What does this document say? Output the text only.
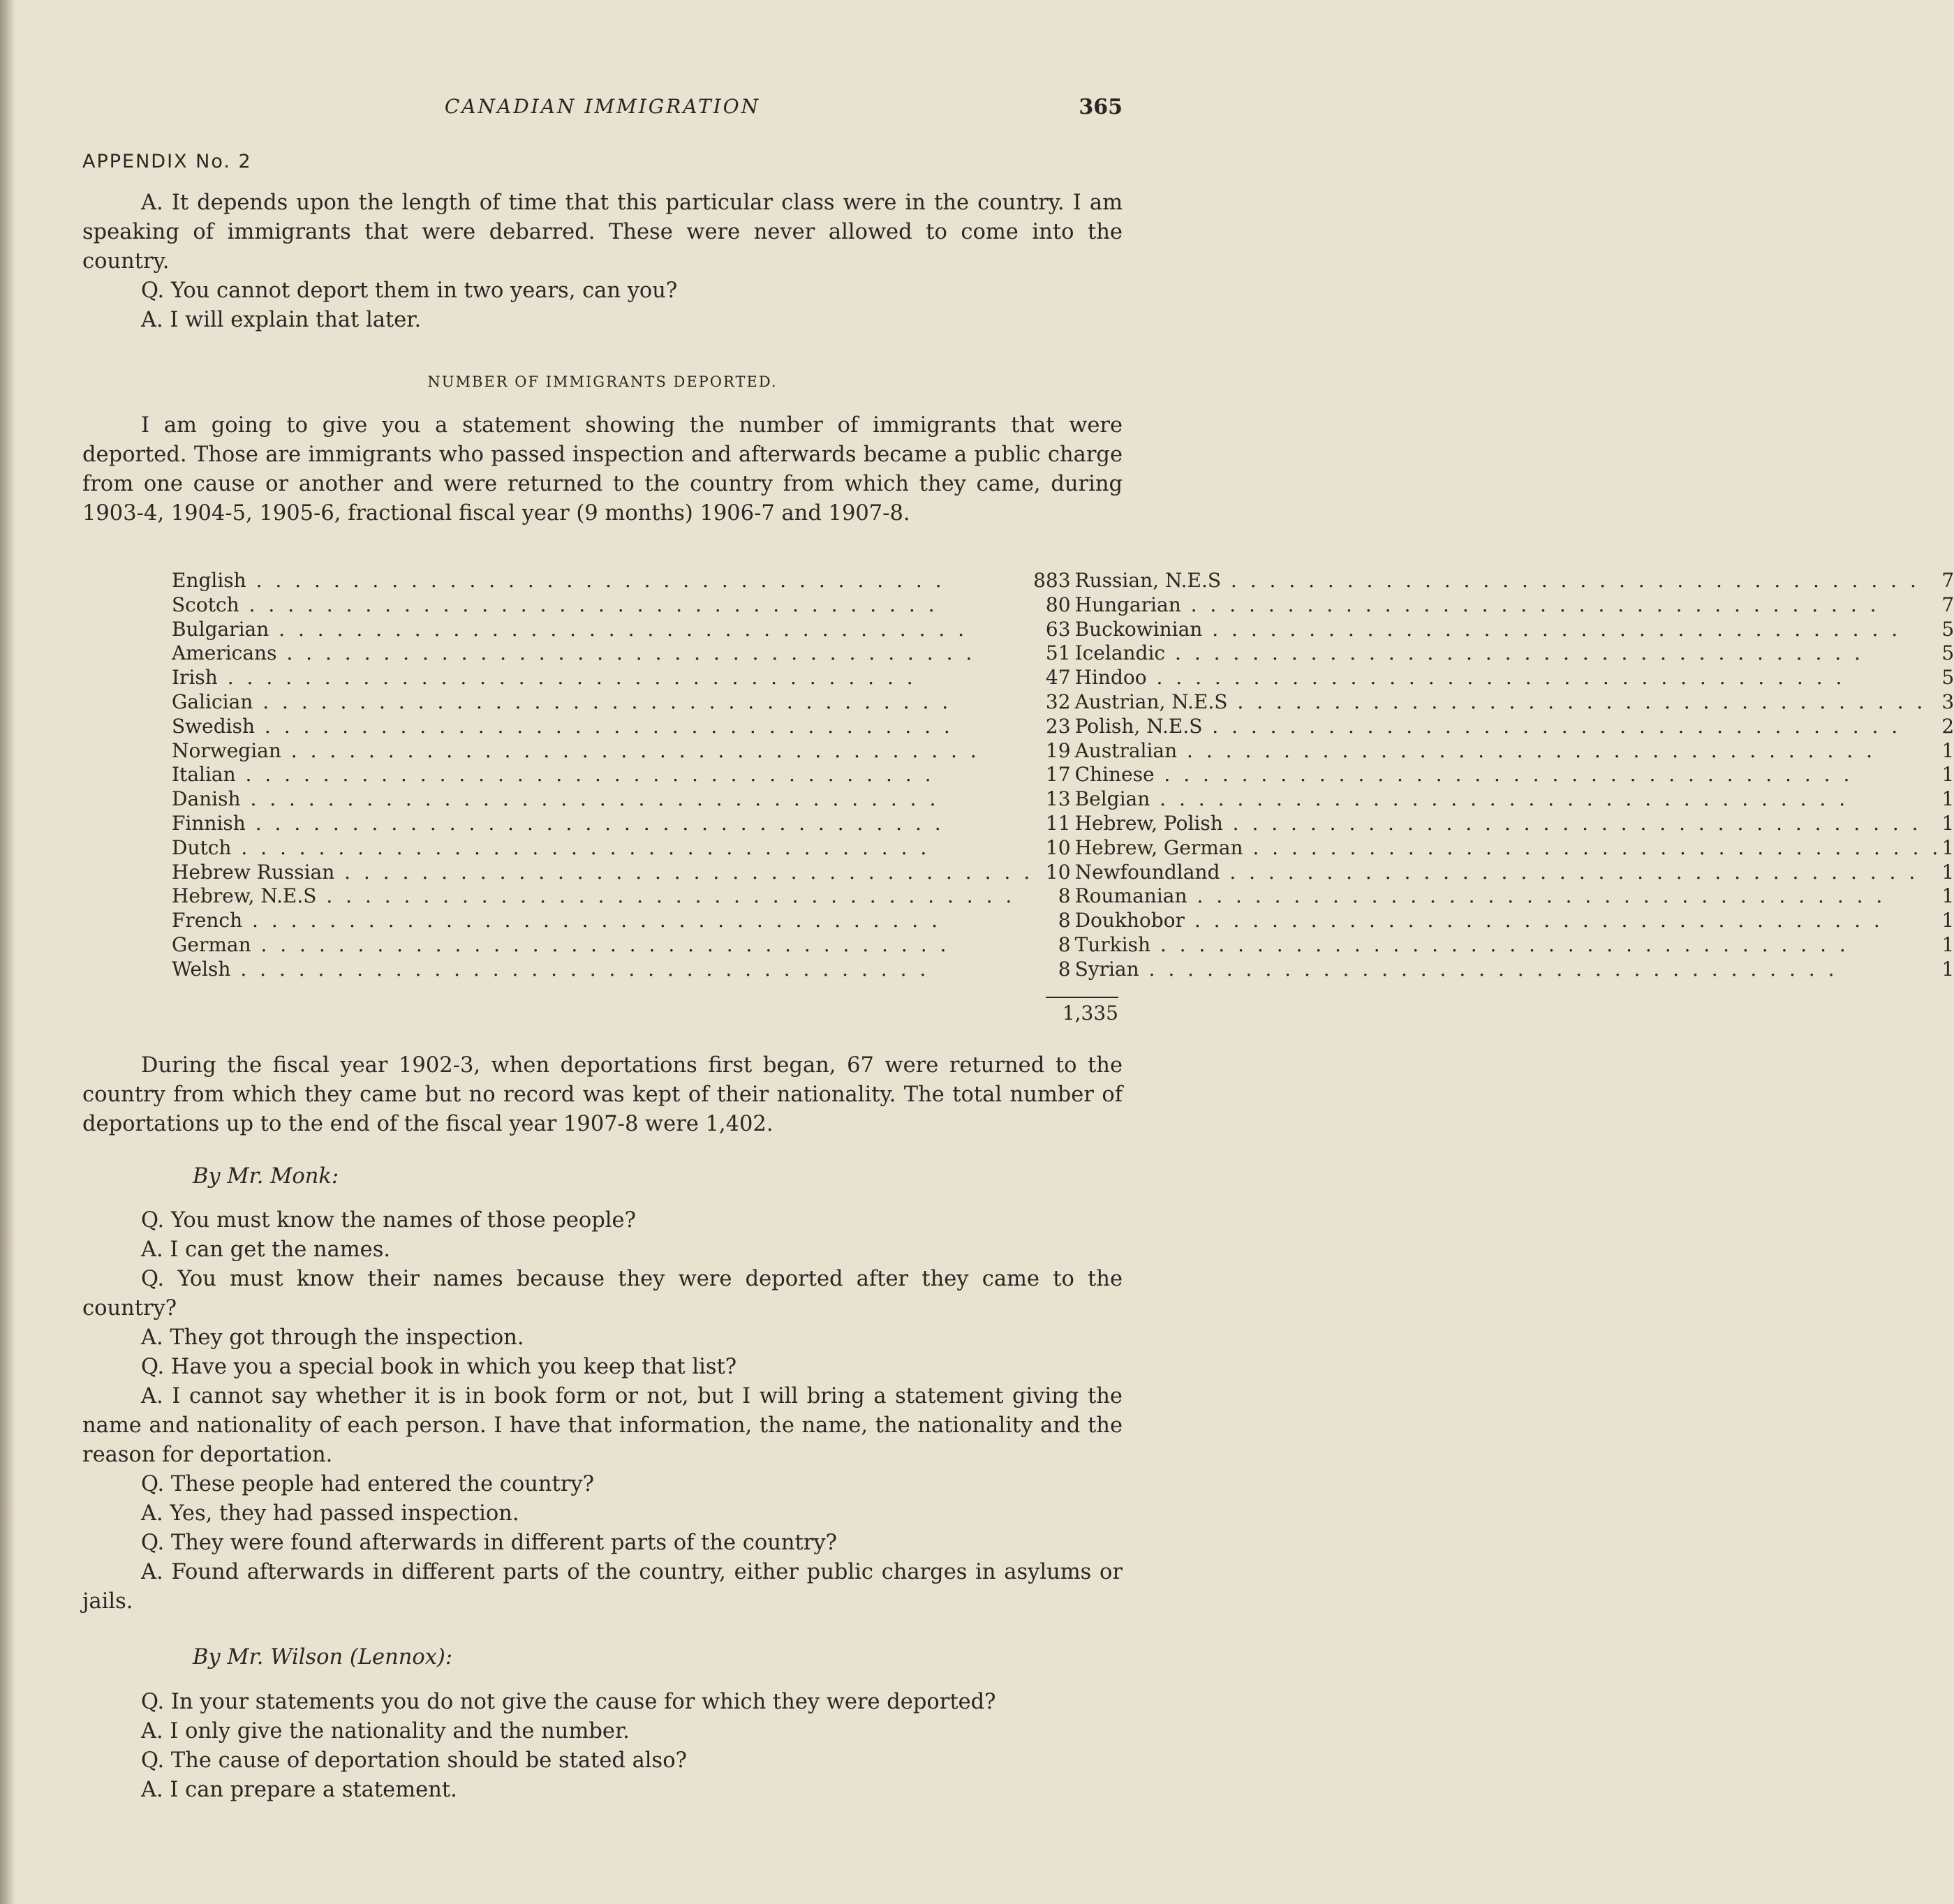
CANADIAN IMMIGRATION	365
APPENDIX No. 2

A. It depends upon the length of time that this particular class were in the country. I am speaking of immigrants that were debarred. These were never allowed to come into the country.

Q. You cannot deport them in two years, can you?

A. I will explain that later.

NUMBER OF IMMIGRANTS DEPORTED.

I am going to give you a statement showing the number of immigrants that were deported. Those are immigrants who passed inspection and afterwards became a public charge from one cause or another and were returned to the country from which they came, during 1903-4, 1904-5, 1905-6, fractional fiscal year (9 months) 1906-7 and 1907-8.

English . . . . . . . . . . . . . . . . . . . . . . . . . . . . . . . . . . . .	883		Russian, N.E.S . . . . . . . . . . . . . . . . . . . . . . . . . . . . . . . . . . . .	7
Scotch . . . . . . . . . . . . . . . . . . . . . . . . . . . . . . . . . . . .	80		Hungarian . . . . . . . . . . . . . . . . . . . . . . . . . . . . . . . . . . . .	7
Bulgarian . . . . . . . . . . . . . . . . . . . . . . . . . . . . . . . . . . . .	63		Buckowinian . . . . . . . . . . . . . . . . . . . . . . . . . . . . . . . . . . . .	5
Americans . . . . . . . . . . . . . . . . . . . . . . . . . . . . . . . . . . . .	51		Icelandic . . . . . . . . . . . . . . . . . . . . . . . . . . . . . . . . . . . .	5
Irish . . . . . . . . . . . . . . . . . . . . . . . . . . . . . . . . . . . .	47		Hindoo . . . . . . . . . . . . . . . . . . . . . . . . . . . . . . . . . . . .	5
Galician . . . . . . . . . . . . . . . . . . . . . . . . . . . . . . . . . . . .	32		Austrian, N.E.S . . . . . . . . . . . . . . . . . . . . . . . . . . . . . . . . . . . .	3
Swedish . . . . . . . . . . . . . . . . . . . . . . . . . . . . . . . . . . . .	23		Polish, N.E.S . . . . . . . . . . . . . . . . . . . . . . . . . . . . . . . . . . . .	2
Norwegian . . . . . . . . . . . . . . . . . . . . . . . . . . . . . . . . . . . .	19		Australian . . . . . . . . . . . . . . . . . . . . . . . . . . . . . . . . . . . .	1
Italian . . . . . . . . . . . . . . . . . . . . . . . . . . . . . . . . . . . .	17		Chinese . . . . . . . . . . . . . . . . . . . . . . . . . . . . . . . . . . . .	1
Danish . . . . . . . . . . . . . . . . . . . . . . . . . . . . . . . . . . . .	13		Belgian . . . . . . . . . . . . . . . . . . . . . . . . . . . . . . . . . . . .	1
Finnish . . . . . . . . . . . . . . . . . . . . . . . . . . . . . . . . . . . .	11		Hebrew, Polish . . . . . . . . . . . . . . . . . . . . . . . . . . . . . . . . . . . .	1
Dutch . . . . . . . . . . . . . . . . . . . . . . . . . . . . . . . . . . . .	10		Hebrew, German . . . . . . . . . . . . . . . . . . . . . . . . . . . . . . . . . . . .	1
Hebrew Russian . . . . . . . . . . . . . . . . . . . . . . . . . . . . . . . . . . . .	10		Newfoundland . . . . . . . . . . . . . . . . . . . . . . . . . . . . . . . . . . . .	1
Hebrew, N.E.S . . . . . . . . . . . . . . . . . . . . . . . . . . . . . . . . . . . .	8		Roumanian . . . . . . . . . . . . . . . . . . . . . . . . . . . . . . . . . . . .	1
French . . . . . . . . . . . . . . . . . . . . . . . . . . . . . . . . . . . .	8		Doukhobor . . . . . . . . . . . . . . . . . . . . . . . . . . . . . . . . . . . .	1
German . . . . . . . . . . . . . . . . . . . . . . . . . . . . . . . . . . . .	8		Turkish . . . . . . . . . . . . . . . . . . . . . . . . . . . . . . . . . . . .	1
Welsh . . . . . . . . . . . . . . . . . . . . . . . . . . . . . . . . . . . .	8		Syrian . . . . . . . . . . . . . . . . . . . . . . . . . . . . . . . . . . . .	1
1,335

During the fiscal year 1902-3, when deportations first began, 67 were returned to the country from which they came but no record was kept of their nationality. The total number of deportations up to the end of the fiscal year 1907-8 were 1,402.

By Mr. Monk:

Q. You must know the names of those people?

A. I can get the names.

Q. You must know their names because they were deported after they came to the country?

A. They got through the inspection.

Q. Have you a special book in which you keep that list?

A. I cannot say whether it is in book form or not, but I will bring a statement giving the name and nationality of each person. I have that information, the name, the nationality and the reason for deportation.

Q. These people had entered the country?

A. Yes, they had passed inspection.

Q. They were found afterwards in different parts of the country?

A. Found afterwards in different parts of the country, either public charges in asylums or jails.

By Mr. Wilson (Lennox):

Q. In your statements you do not give the cause for which they were deported?

A. I only give the nationality and the number.

Q. The cause of deportation should be stated also?

A. I can prepare a statement.
